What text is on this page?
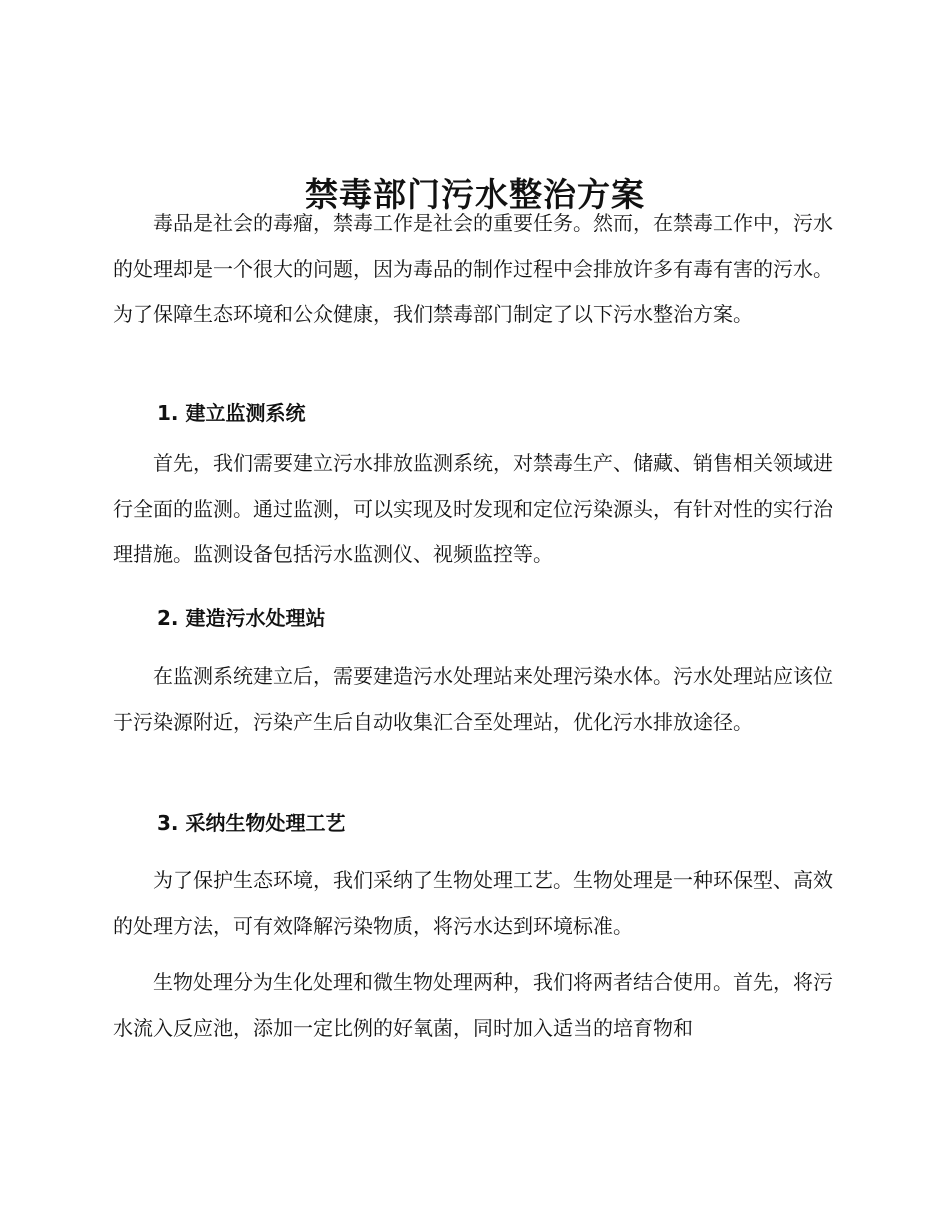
禁毒部门污水整治方案

毒品是社会的毒瘤，禁毒工作是社会的重要任务。然而，在禁毒工作中，污水的处理却是一个很大的问题，因为毒品的制作过程中会排放许多有毒有害的污水。为了保障生态环境和公众健康，我们禁毒部门制定了以下污水整治方案。

1. 建立监测系统

首先，我们需要建立污水排放监测系统，对禁毒生产、储藏、销售相关领域进行全面的监测。通过监测，可以实现及时发现和定位污染源头，有针对性的实行治理措施。监测设备包括污水监测仪、视频监控等。

2. 建造污水处理站

在监测系统建立后，需要建造污水处理站来处理污染水体。污水处理站应该位于污染源附近，污染产生后自动收集汇合至处理站，优化污水排放途径。

3. 采纳生物处理工艺

为了保护生态环境，我们采纳了生物处理工艺。生物处理是一种环保型、高效的处理方法，可有效降解污染物质，将污水达到环境标准。

生物处理分为生化处理和微生物处理两种，我们将两者结合使用。首先，将污水流入反应池，添加一定比例的好氧菌，同时加入适当的培育物和
